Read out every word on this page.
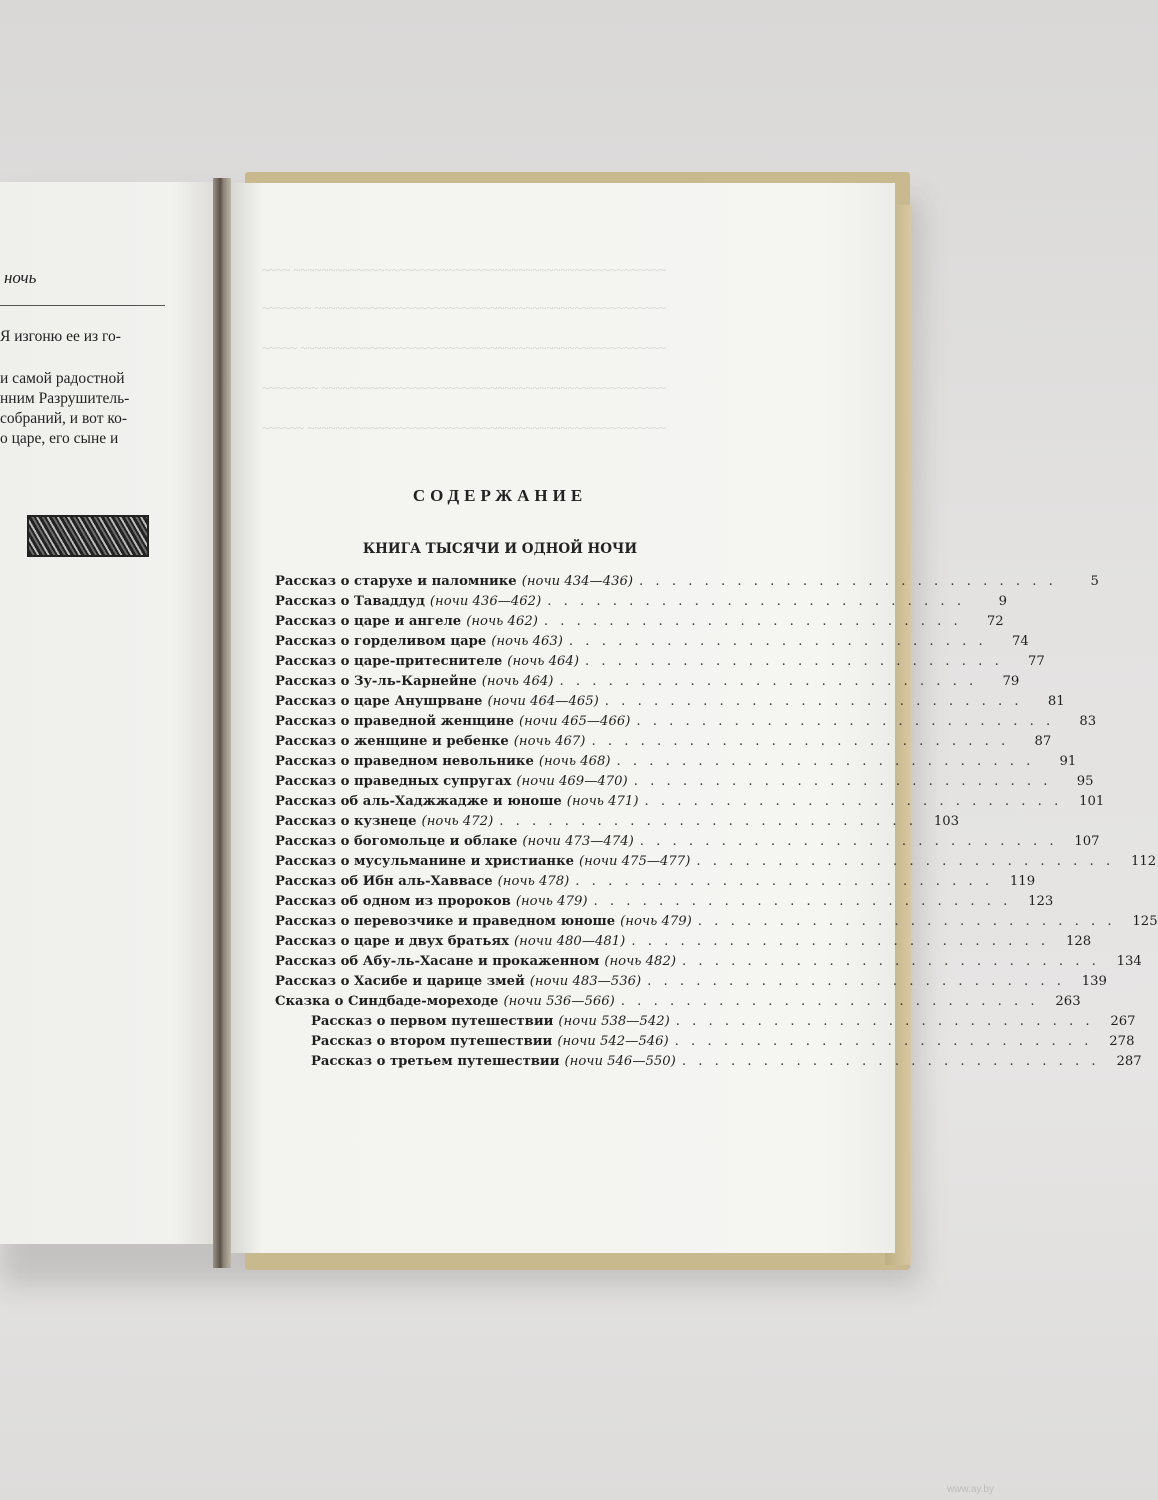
ночь
Я изгоню ее из го-
и самой радостной
нним Разрушитель-
собраний, и вот ко-
о царе, его сыне и
~~~~ ~~~~~~~~~~~~~~~~~~~~~~~~~~~~~~~~~~~~~~~~~~~~~~~~~~~~~
~~~~~~~ ~~~~~~~~~~~~~~~~~~~~~~~~~~~~~~~~~~~~~~~~~~~~~~~~~~
~~~~~ ~~~~~~~~~~~~~~~~~~~~~~~~~~~~~~~~~~~~~~~~~~~~~~~~~~~~
~~~~~~~~ ~~~~~~~~~~~~~~~~~~~~~~~~~~~~~~~~~~~~~~~~~~~~~~~~~
~~~~~~ ~~~~~~~~~~~~~~~~~~~~~~~~~~~~~~~~~~~~~~~~~~~~~~~~~~~
СОДЕРЖАНИЕ
КНИГА ТЫСЯЧИ И ОДНОЙ НОЧИ
Рассказ о старухе и паломнике (ночи 434—436) . . . . . . . . . . . . . . . . . . . . . . . . . .	5
Рассказ о Тавaддуд (ночи 436—462) . . . . . . . . . . . . . . . . . . . . . . . . . .	9
Рассказ о царе и ангеле (ночь 462) . . . . . . . . . . . . . . . . . . . . . . . . . .	72
Рассказ о горделивом царе (ночь 463) . . . . . . . . . . . . . . . . . . . . . . . . . .	74
Рассказ о царе-притеснителе (ночь 464) . . . . . . . . . . . . . . . . . . . . . . . . . .	77
Рассказ о Зу-ль-Карнейне (ночь 464) . . . . . . . . . . . . . . . . . . . . . . . . . .	79
Рассказ о царе Анушрване (ночи 464—465) . . . . . . . . . . . . . . . . . . . . . . . . . .	81
Рассказ о праведной женщине (ночи 465—466) . . . . . . . . . . . . . . . . . . . . . . . . . .	83
Рассказ о женщине и ребенке (ночь 467) . . . . . . . . . . . . . . . . . . . . . . . . . .	87
Рассказ о праведном невольнике (ночь 468) . . . . . . . . . . . . . . . . . . . . . . . . . .	91
Рассказ о праведных супругах (ночи 469—470) . . . . . . . . . . . . . . . . . . . . . . . . . .	95
Рассказ об аль-Хаджжадже и юноше (ночь 471) . . . . . . . . . . . . . . . . . . . . . . . . . .	101
Рассказ о кузнеце (ночь 472) . . . . . . . . . . . . . . . . . . . . . . . . . .	103
Рассказ о богомольце и облаке (ночи 473—474) . . . . . . . . . . . . . . . . . . . . . . . . . .	107
Рассказ о мусульманине и христианке (ночи 475—477) . . . . . . . . . . . . . . . . . . . . . . . . . .	112
Рассказ об Ибн аль-Хаввасе (ночь 478) . . . . . . . . . . . . . . . . . . . . . . . . . .	119
Рассказ об одном из пророков (ночь 479) . . . . . . . . . . . . . . . . . . . . . . . . . .	123
Рассказ о перевозчике и праведном юноше (ночь 479) . . . . . . . . . . . . . . . . . . . . . . . . . .	125
Рассказ о царе и двух братьях (ночи 480—481) . . . . . . . . . . . . . . . . . . . . . . . . . .	128
Рассказ об Абу-ль-Хасане и прокаженном (ночь 482) . . . . . . . . . . . . . . . . . . . . . . . . . .	134
Рассказ о Хасибе и царице змей (ночи 483—536) . . . . . . . . . . . . . . . . . . . . . . . . . .	139
Сказка о Синдбаде-мореходе (ночи 536—566) . . . . . . . . . . . . . . . . . . . . . . . . . .	263
Рассказ о первом путешествии (ночи 538—542) . . . . . . . . . . . . . . . . . . . . . . . . . .	267
Рассказ о втором путешествии (ночи 542—546) . . . . . . . . . . . . . . . . . . . . . . . . . .	278
Рассказ о третьем путешествии (ночи 546—550) . . . . . . . . . . . . . . . . . . . . . . . . . .	287
www.ay.by
